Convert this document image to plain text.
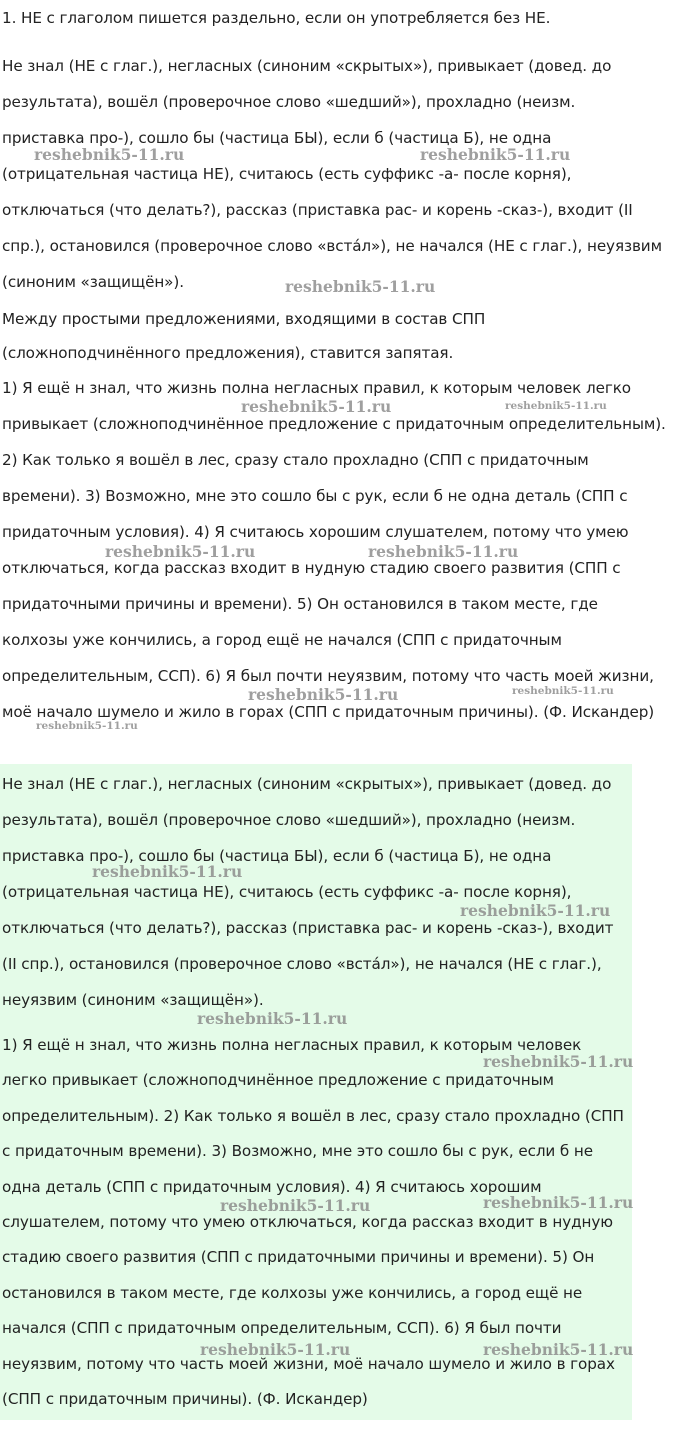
1. НЕ с глаголом пишется раздельно, если он употребляется без НЕ.

Не знал (НЕ с глаг.), негласных (синоним «скрытых»), привыкает (довед. до результата), вошёл (проверочное слово «шедший»), прохладно (неизм. приставка про-), сошло бы (частица БЫ), если б (частица Б), не одна (отрицательная частица НЕ), считаюсь (есть суффикс -а- после корня), отключаться (что делать?), рассказ (приставка рас- и корень -сказ-), входит (II спр.), остановился (проверочное слово «вста́л»), не начался (НЕ с глаг.), неуязвим (синоним «защищён»).

Между простыми предложениями, входящими в состав СПП (сложноподчинённого предложения), ставится запятая.

1) Я ещё н знал, что жизнь полна негласных правил, к которым человек легко привыкает (сложноподчинённое предложение с придаточным определительным). 2) Как только я вошёл в лес, сразу стало прохладно (СПП с придаточным времени). 3) Возможно, мне это сошло бы с рук, если б не одна деталь (СПП с придаточным условия). 4) Я считаюсь хорошим слушателем, потому что умею отключаться, когда рассказ входит в нудную стадию своего развития (СПП с придаточными причины и времени). 5) Он остановился в таком месте, где колхозы уже кончились, а город ещё не начался (СПП с придаточным определительным, ССП). 6) Я был почти неуязвим, потому что часть моей жизни, моё начало шумело и жило в горах (СПП с придаточным причины). (Ф. Искандер)

Не знал (НЕ с глаг.), негласных (синоним «скрытых»), привыкает (довед. до результата), вошёл (проверочное слово «шедший»), прохладно (неизм. приставка про-), сошло бы (частица БЫ), если б (частица Б), не одна (отрицательная частица НЕ), считаюсь (есть суффикс -а- после корня), отключаться (что делать?), рассказ (приставка рас- и корень -сказ-), входит (II спр.), остановился (проверочное слово «вста́л»), не начался (НЕ с глаг.), неуязвим (синоним «защищён»).

1) Я ещё н знал, что жизнь полна негласных правил, к которым человек легко привыкает (сложноподчинённое предложение с придаточным определительным). 2) Как только я вошёл в лес, сразу стало прохладно (СПП с придаточным времени). 3) Возможно, мне это сошло бы с рук, если б не одна деталь (СПП с придаточным условия). 4) Я считаюсь хорошим слушателем, потому что умею отключаться, когда рассказ входит в нудную стадию своего развития (СПП с придаточными причины и времени). 5) Он остановился в таком месте, где колхозы уже кончились, а город ещё не начался (СПП с придаточным определительным, ССП). 6) Я был почти неуязвим, потому что часть моей жизни, моё начало шумело и жило в горах (СПП с придаточным причины). (Ф. Искандер)

reshebnik5-11.ru	reshebnik5-11.ru
reshebnik5-11.ru
reshebnik5-11.ru	reshebnik5-11.ru
reshebnik5-11.ru	reshebnik5-11.ru
reshebnik5-11.ru	reshebnik5-11.ru
reshebnik5-11.ru
reshebnik5-11.ru
reshebnik5-11.ru
reshebnik5-11.ru
reshebnik5-11.ru
reshebnik5-11.ru	reshebnik5-11.ru
reshebnik5-11.ru	reshebnik5-11.ru
